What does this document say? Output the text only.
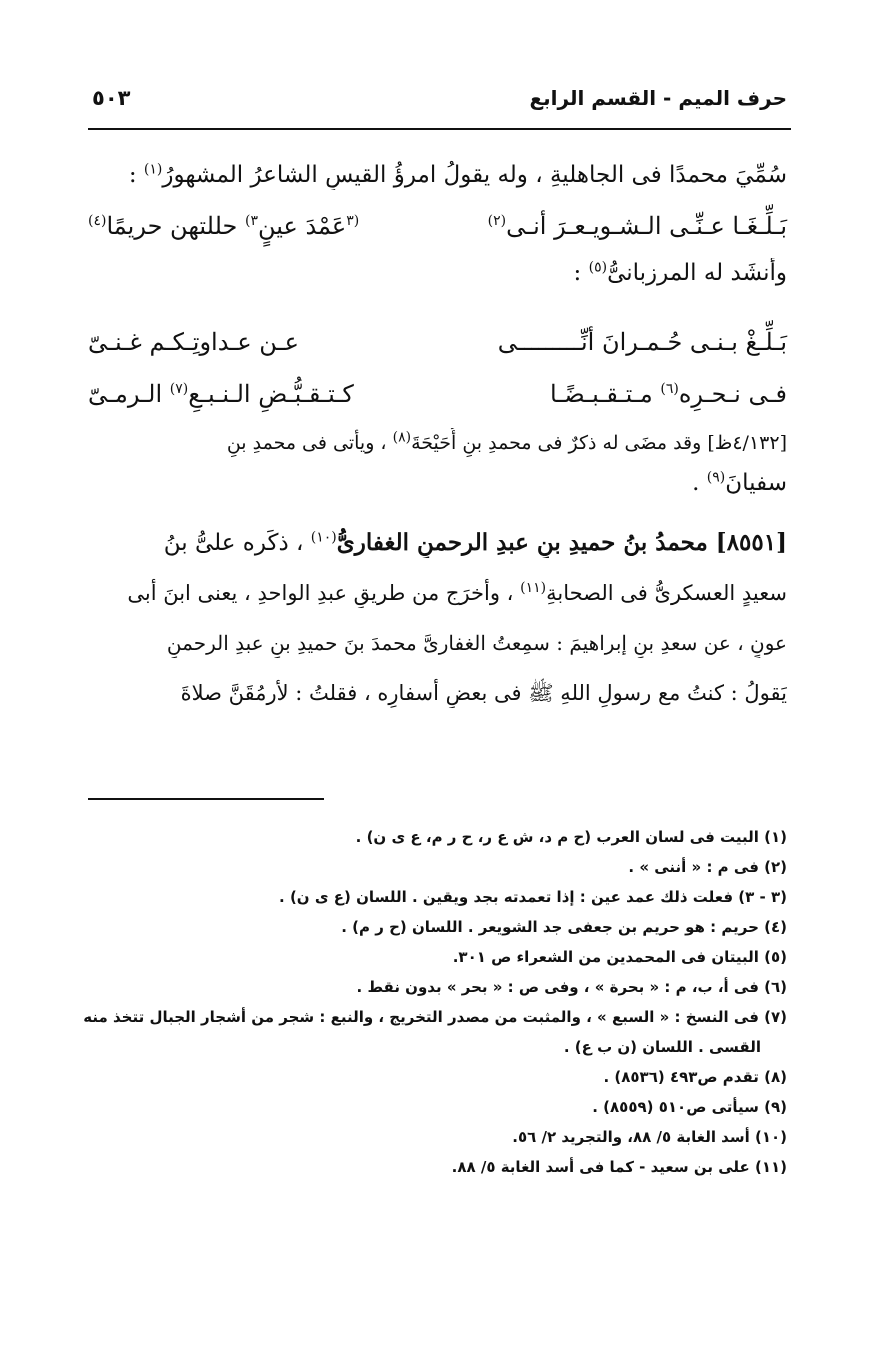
حرف الميم - القسم الرابع
٥٠٣
سُمِّيَ محمدًا فى الجاهليةِ ، وله يقولُ امرؤُ القيسِ الشاعرُ المشهورُ$^{(١)}$ :
بَـلِّـغَـا عـنِّـى الـشـويـعـرَ أنـى$^{(٢)}$
$^{(٣}$عَمْدَ عينٍ$^{٣)}$ حللتهن حريمًا$^{(٤)}$
وأنشَد له المرزبانىُّ$^{(٥)}$ :
بَـلِّـغْ بـنـى حُـمـرانَ أنِّـــــــــى
عـن عـداوتِـكـم غـنـىّ
فـى نـحـرِه$^{(٦)}$ مـتـقـبـضًـا
كـتـقـبُّـضِ الـنـبـعِ$^{(٧)}$ الـرمـىّ
[٤/١٣٢ظ] وقد مضَى له ذكرٌ فى محمدِ بنِ أُحَيْحَةَ$^{(٨)}$ ، ويأتى فى محمدِ بنِ
سفيانَ$^{(٩)}$ .
[٨٥٥١] محمدُ بنُ حميدِ بنِ عبدِ الرحمنِ الغفارىُّ$^{(١٠)}$ ، ذكَره علىُّ بنُ
سعيدٍ العسكرىُّ فى الصحابةِ$^{(١١)}$ ، وأخرَج من طريقِ عبدِ الواحدِ ، يعنى ابنَ أبى
عونٍ ، عن سعدِ بنِ إبراهيمَ : سمِعتُ الغفارىَّ محمدَ بنَ حميدِ بنِ عبدِ الرحمنِ
يَقولُ : كنتُ مع رسولِ اللهِ ﷺ فى بعضِ أسفارِه ، فقلتُ : لأرمُقَنَّ صلاةَ
(١) البيت فى لسان العرب (ح م د، ش ع ر، ح ر م، ع ى ن) .
(٢) فى م : « أننى » .
(٣ - ٣) فعلت ذلك عمد عين : إذا تعمدته بجد ويقين . اللسان (ع ى ن) .
(٤) حريم : هو حريم بن جعفى جد الشويعر . اللسان (ح ر م) .
(٥) البيتان فى المحمدين من الشعراء ص ٣٠١.
(٦) فى أ، ب، م : « بحرة » ، وفى ص : « بحر » بدون نقط .
(٧) فى النسخ : « السبع » ، والمثبت من مصدر التخريج ، والنبع : شجر من أشجار الجبال تتخذ منه
القسى . اللسان (ن ب ع) .
(٨) تقدم ص٤٩٣ (٨٥٣٦) .
(٩) سيأتى ص٥١٠ (٨٥٥٩) .
(١٠) أسد الغابة ٥/ ٨٨، والتجريد ٢/ ٥٦.
(١١) على بن سعيد - كما فى أسد الغابة ٥/ ٨٨.
